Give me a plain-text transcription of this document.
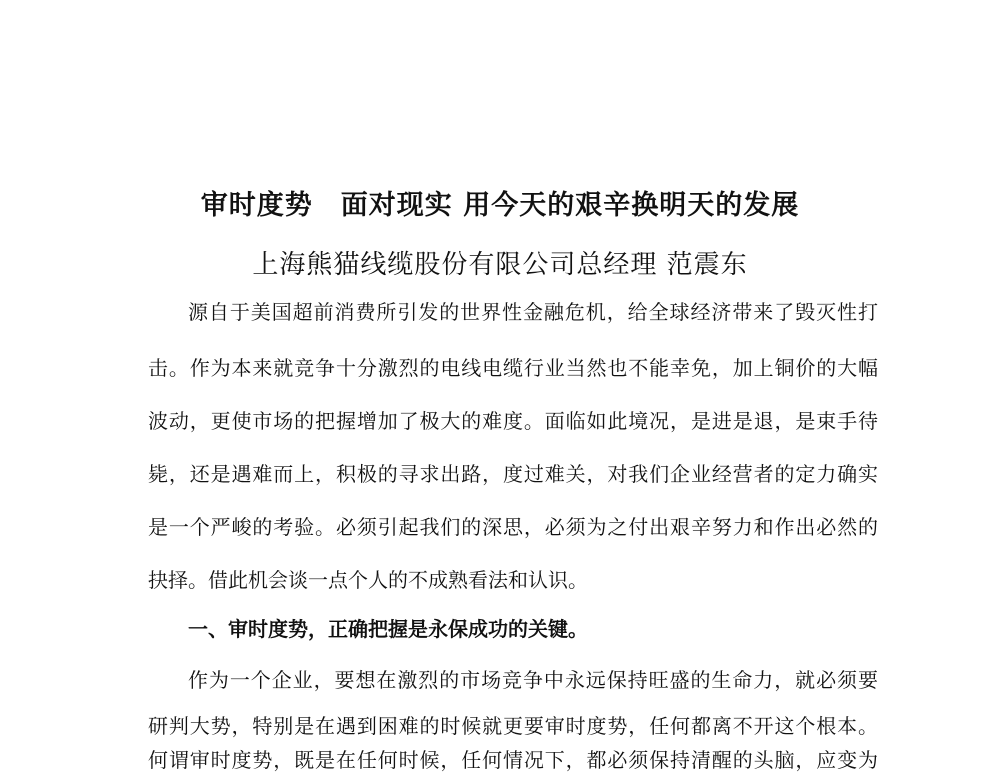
审时度势　面对现实 用今天的艰辛换明天的发展
上海熊猫线缆股份有限公司总经理 范震东
源自于美国超前消费所引发的世界性金融危机，给全球经济带来了毁灭性打
击。作为本来就竞争十分激烈的电线电缆行业当然也不能幸免，加上铜价的大幅
波动，更使市场的把握增加了极大的难度。面临如此境况，是进是退，是束手待
毙，还是遇难而上，积极的寻求出路，度过难关，对我们企业经营者的定力确实
是一个严峻的考验。必须引起我们的深思，必须为之付出艰辛努力和作出必然的
抉择。借此机会谈一点个人的不成熟看法和认识。
一、审时度势，正确把握是永保成功的关键。
作为一个企业，要想在激烈的市场竞争中永远保持旺盛的生命力，就必须要
研判大势，特别是在遇到困难的时候就更要审时度势，任何都离不开这个根本。
何谓审时度势，既是在任何时候，任何情况下，都必须保持清醒的头脑，应变为
